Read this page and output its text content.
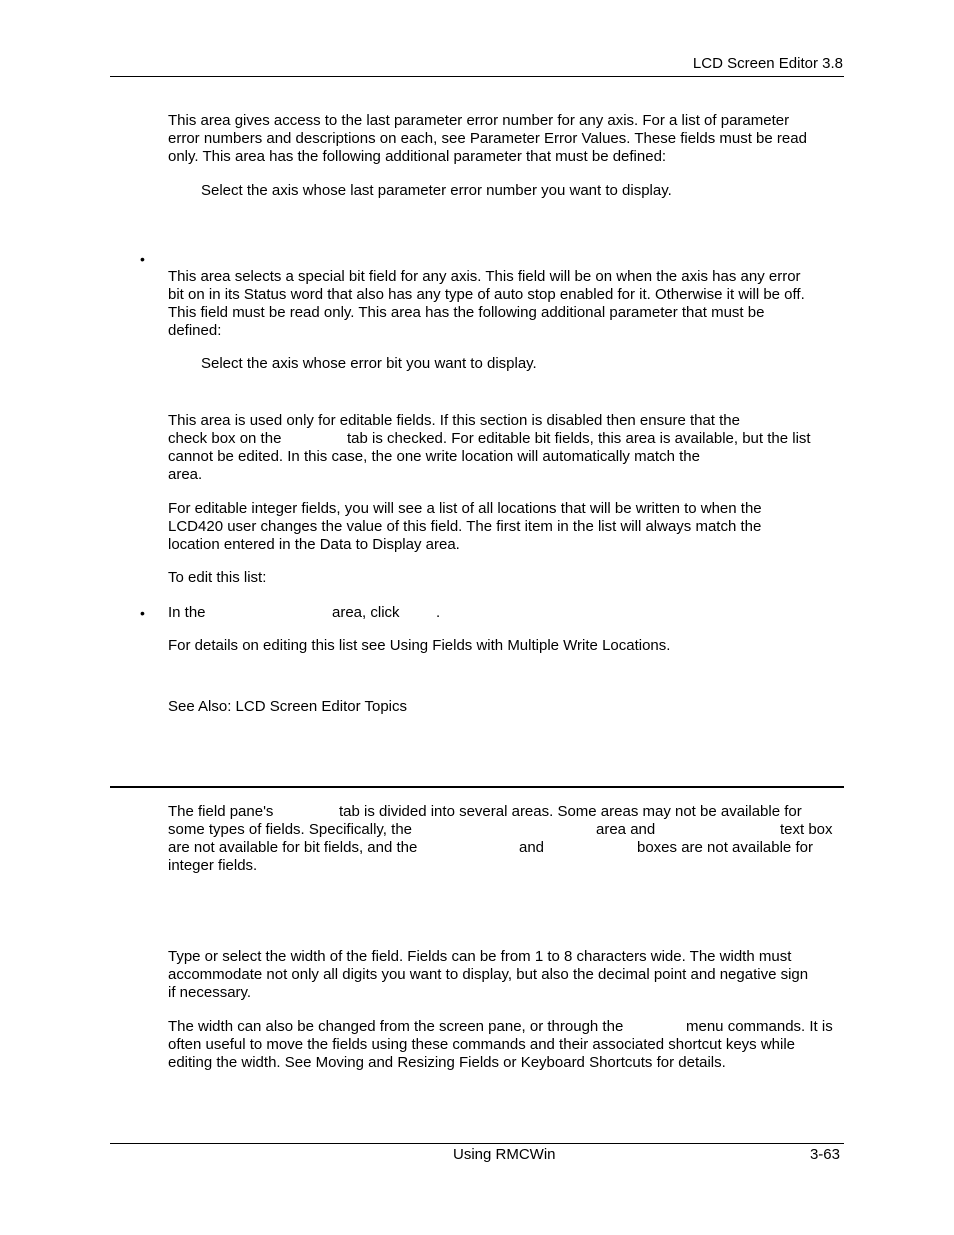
LCD Screen Editor 3.8
This area gives access to the last parameter error number for any axis. For a list of parameter
error numbers and descriptions on each, see Parameter Error Values. These fields must be read
only. This area has the following additional parameter that must be defined:
Select the axis whose last parameter error number you want to display.
•
This area selects a special bit field for any axis. This field will be on when the axis has any error
bit on in its Status word that also has any type of auto stop enabled for it. Otherwise it will be off.
This field must be read only. This area has the following additional parameter that must be
defined:
Select the axis whose error bit you want to display.
This area is used only for editable fields. If this section is disabled then ensure that the
check box on the	tab is checked. For editable bit fields, this area is available, but the list
cannot be edited. In this case, the one write location will automatically match the
area.
For editable integer fields, you will see a list of all locations that will be written to when the
LCD420 user changes the value of this field. The first item in the list will always match the
location entered in the Data to Display area.
To edit this list:
• In the	area, click .
For details on editing this list see Using Fields with Multiple Write Locations.
See Also: LCD Screen Editor Topics
The field pane's	tab is divided into several areas. Some areas may not be available for
some types of fields. Specifically, the	area and	text box
are not available for bit fields, and the	and	boxes are not available for
integer fields.
Type or select the width of the field. Fields can be from 1 to 8 characters wide. The width must
accommodate not only all digits you want to display, but also the decimal point and negative sign
if necessary.
The width can also be changed from the screen pane, or through the	menu commands. It is
often useful to move the fields using these commands and their associated shortcut keys while
editing the width. See Moving and Resizing Fields or Keyboard Shortcuts for details.
Using RMCWin	3-63
